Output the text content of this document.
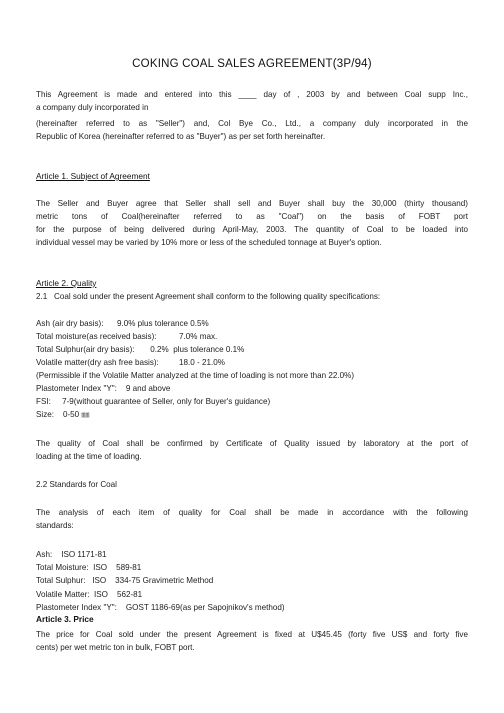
COKING COAL SALES AGREEMENT(3P/94)
This Agreement is made and entered into this ____ day of , 2003 by and between Coal supp Inc.,
a company duly incorporated in
(hereinafter referred to as "Seller") and, Col Bye Co., Ltd., a company duly incorporated in the
Republic of Korea (hereinafter referred to as "Buyer") as per set forth hereinafter.
Article 1. Subject of Agreement
The Seller and Buyer agree that Seller shall sell and Buyer shall buy the 30,000 (thirty thousand)
metric tons of Coal(hereinafter referred to as "Coal") on the basis of FOBT port
for the purpose of being delivered during April-May, 2003. The quantity of Coal to be loaded into
individual vessel may be varied by 10% more or less of the scheduled tonnage at Buyer's option.
Article 2. Quality
2.1   Coal sold under the present Agreement shall conform to the following quality specifications:
Ash (air dry basis):      9.0% plus tolerance 0.5%
Total moisture(as received basis):          7.0% max.
Total Sulphur(air dry basis):       0.2%  plus tolerance 0.1%
Volatile matter(dry ash free basis):         18.0 - 21.0%
(Permissible if the Volatile Matter analyzed at the time of loading is not more than 22.0%)
Plastometer Index "Y":    9 and above
FSI:     7-9(without guarantee of Seller, only for Buyer's guidance)
Size:    0-50 ㎜
The quality of Coal shall be confirmed by Certificate of Quality issued by laboratory at the port of
loading at the time of loading.
2.2 Standards for Coal
The analysis of each item of quality for Coal shall be made in accordance with the following
standards:
Ash:    ISO 1171-81
Total Moisture:  ISO    589-81
Total Sulphur:   ISO    334-75 Gravimetric Method
Volatile Matter:  ISO    562-81
Plastometer Index "Y":    GOST 1186-69(as per Sapojnikov's method)
Article 3. Price
The price for Coal sold under the present Agreement is fixed at U$45.45 (forty five US$ and forty five
cents) per wet metric ton in bulk, FOBT port.
